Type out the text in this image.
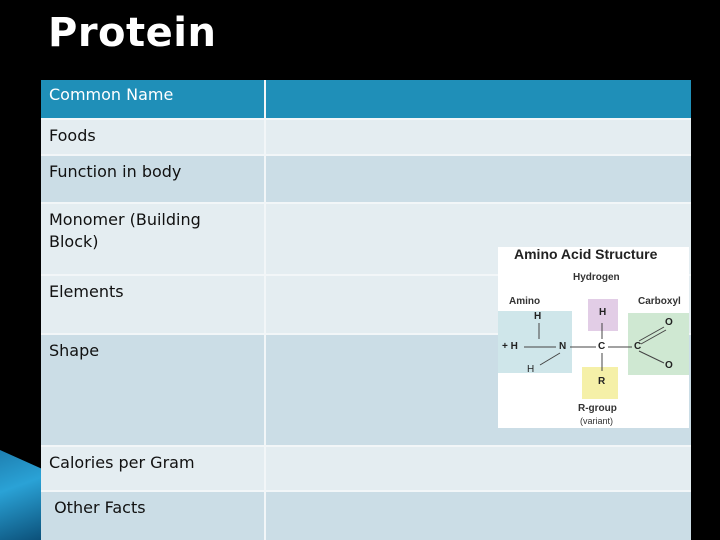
Protein
Common Name
Foods
Function in body
Monomer (Building Block)
Elements
Shape
Calories per Gram
Other Facts
Amino Acid Structure
Hydrogen
Amino	Carboxyl
H	H
+ H	N	C	C
O
O
H
R
R-group
(variant)
